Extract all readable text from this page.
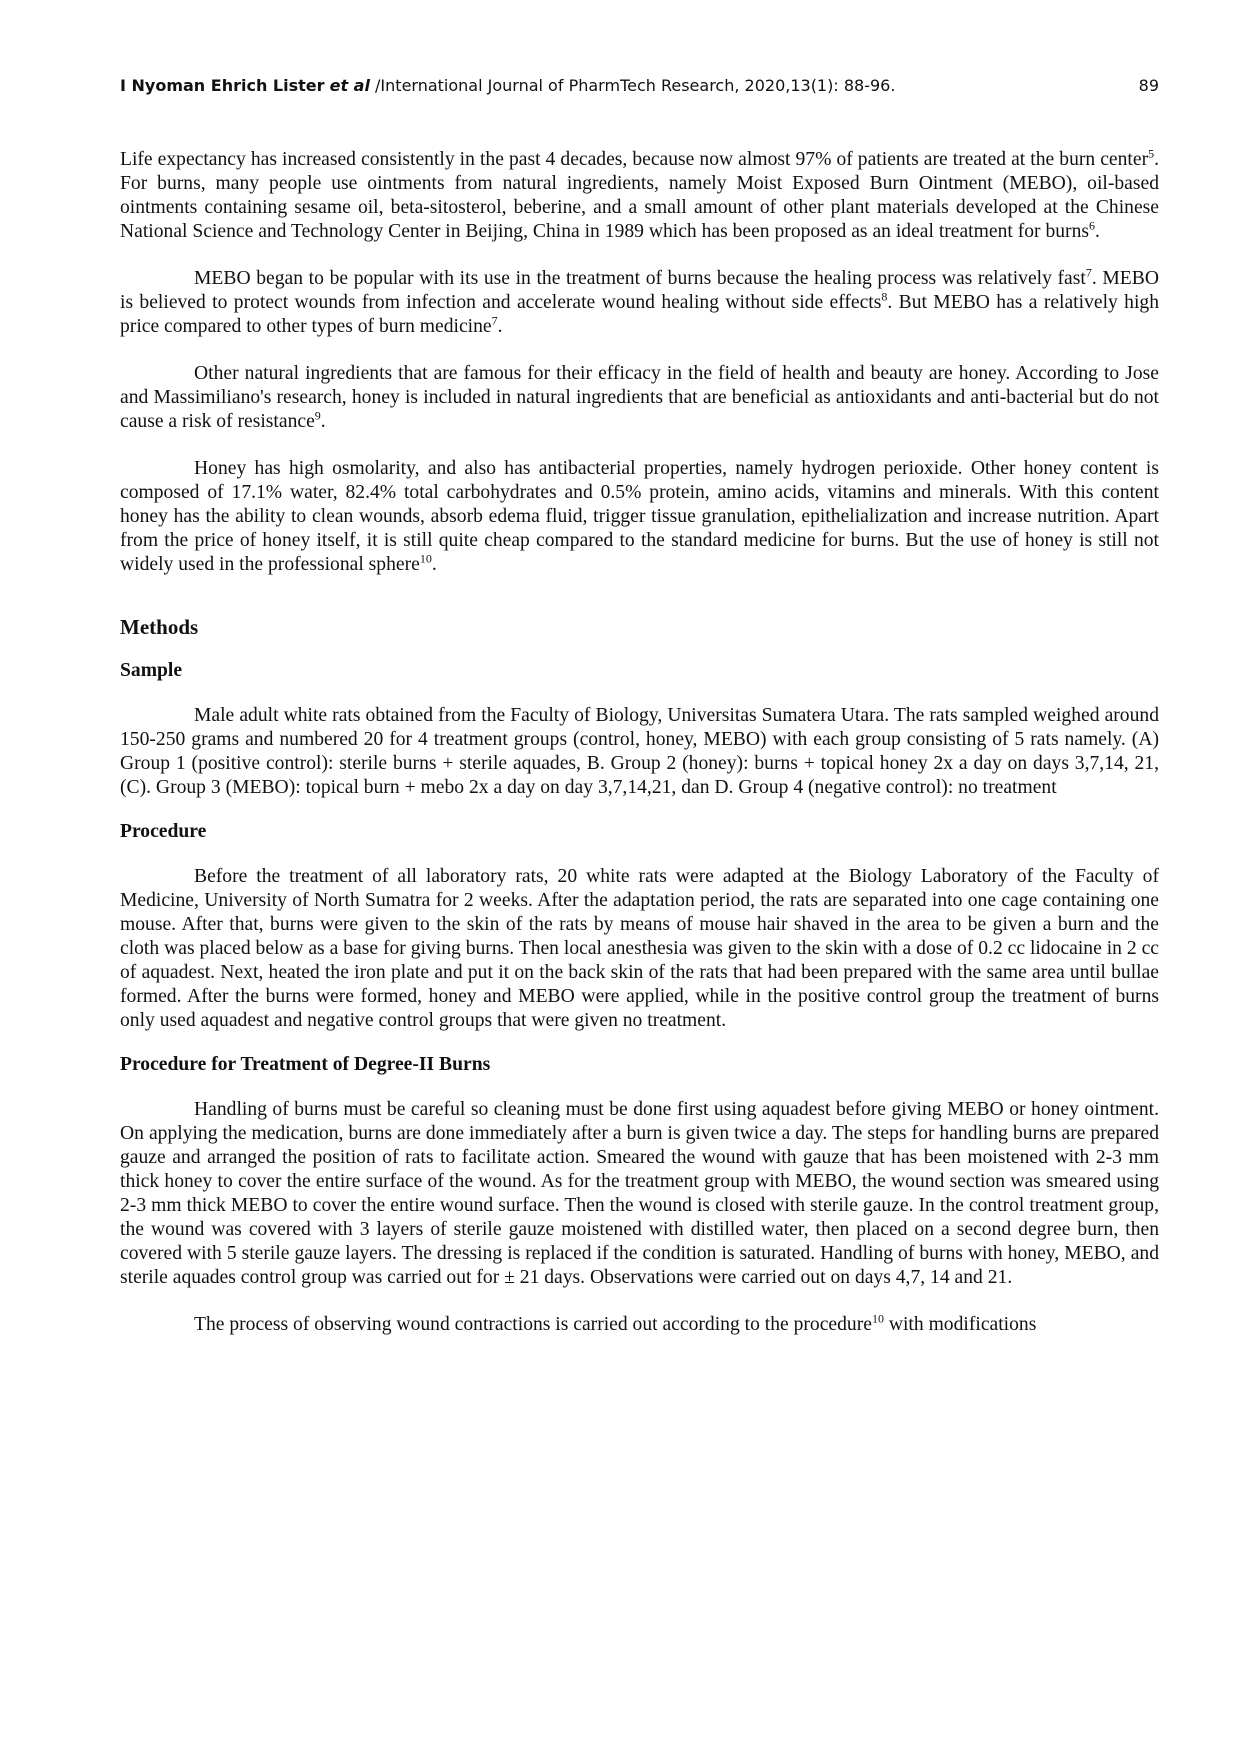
I Nyoman Ehrich Lister et al /International Journal of PharmTech Research, 2020,13(1): 88-96.	89

Life expectancy has increased consistently in the past 4 decades, because now almost 97% of patients are treated at the burn center$^5$. For burns, many people use ointments from natural ingredients, namely Moist Exposed Burn Ointment (MEBO), oil-based ointments containing sesame oil, beta-sitosterol, beberine, and a small amount of other plant materials developed at the Chinese National Science and Technology Center in Beijing, China in 1989 which has been proposed as an ideal treatment for burns$^6$.

MEBO began to be popular with its use in the treatment of burns because the healing process was relatively fast$^7$. MEBO is believed to protect wounds from infection and accelerate wound healing without side effects$^8$. But MEBO has a relatively high price compared to other types of burn medicine$^7$.

Other natural ingredients that are famous for their efficacy in the field of health and beauty are honey. According to Jose and Massimiliano's research, honey is included in natural ingredients that are beneficial as antioxidants and anti-bacterial but do not cause a risk of resistance$^9$.

Honey has high osmolarity, and also has antibacterial properties, namely hydrogen perioxide. Other honey content is composed of 17.1% water, 82.4% total carbohydrates and 0.5% protein, amino acids, vitamins and minerals. With this content honey has the ability to clean wounds, absorb edema fluid, trigger tissue granulation, epithelialization and increase nutrition. Apart from the price of honey itself, it is still quite cheap compared to the standard medicine for burns. But the use of honey is still not widely used in the professional sphere$^{10}$.

Methods
Sample

Male adult white rats obtained from the Faculty of Biology, Universitas Sumatera Utara. The rats sampled weighed around 150-250 grams and numbered 20 for 4 treatment groups (control, honey, MEBO) with each group consisting of 5 rats namely. (A) Group 1 (positive control): sterile burns + sterile aquades, B. Group 2 (honey): burns + topical honey 2x a day on days 3,7,14, 21, (C). Group 3 (MEBO): topical burn + mebo 2x a day on day 3,7,14,21, dan D. Group 4 (negative control): no treatment

Procedure

Before the treatment of all laboratory rats, 20 white rats were adapted at the Biology Laboratory of the Faculty of Medicine, University of North Sumatra for 2 weeks. After the adaptation period, the rats are separated into one cage containing one mouse. After that, burns were given to the skin of the rats by means of mouse hair shaved in the area to be given a burn and the cloth was placed below as a base for giving burns. Then local anesthesia was given to the skin with a dose of 0.2 cc lidocaine in 2 cc of aquadest. Next, heated the iron plate and put it on the back skin of the rats that had been prepared with the same area until bullae formed. After the burns were formed, honey and MEBO were applied, while in the positive control group the treatment of burns only used aquadest and negative control groups that were given no treatment.

Procedure for Treatment of Degree-II Burns

Handling of burns must be careful so cleaning must be done first using aquadest before giving MEBO or honey ointment. On applying the medication, burns are done immediately after a burn is given twice a day. The steps for handling burns are prepared gauze and arranged the position of rats to facilitate action. Smeared the wound with gauze that has been moistened with 2-3 mm thick honey to cover the entire surface of the wound. As for the treatment group with MEBO, the wound section was smeared using 2-3 mm thick MEBO to cover the entire wound surface. Then the wound is closed with sterile gauze. In the control treatment group, the wound was covered with 3 layers of sterile gauze moistened with distilled water, then placed on a second degree burn, then covered with 5 sterile gauze layers. The dressing is replaced if the condition is saturated. Handling of burns with honey, MEBO, and sterile aquades control group was carried out for ± 21 days. Observations were carried out on days 4,7, 14 and 21.

The process of observing wound contractions is carried out according to the procedure$^{10}$ with modifications
